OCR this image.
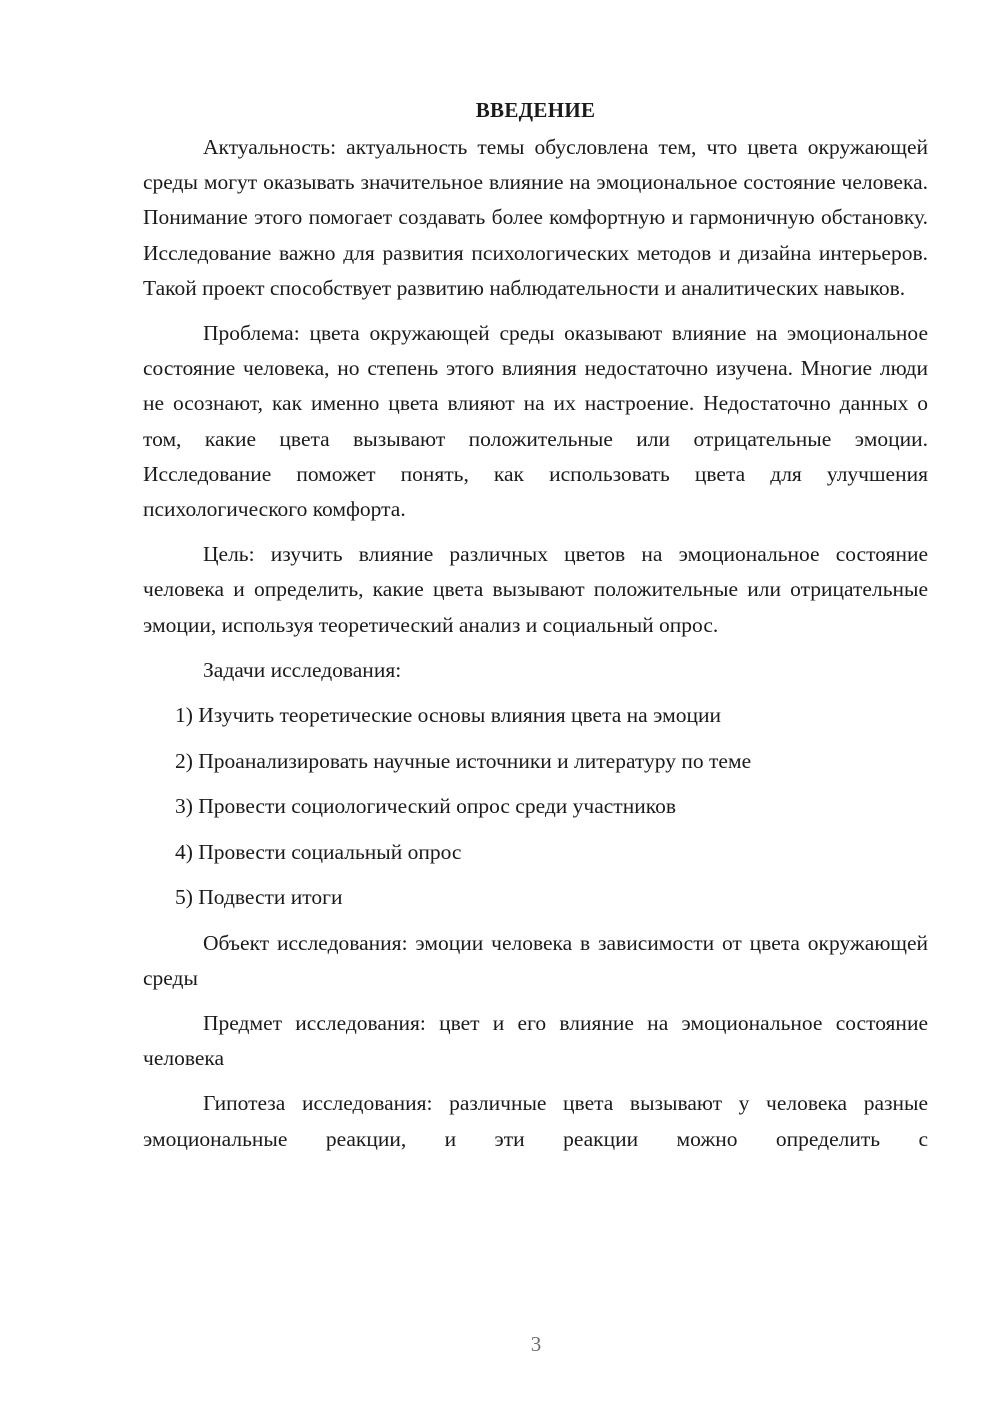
ВВЕДЕНИЕ

Актуальность: актуальность темы обусловлена тем, что цвета окружающей среды могут оказывать значительное влияние на эмоциональное состояние человека. Понимание этого помогает создавать более комфортную и гармоничную обстановку. Исследование важно для развития психологических методов и дизайна интерьеров. Такой проект способствует развитию наблюдательности и аналитических навыков.

Проблема: цвета окружающей среды оказывают влияние на эмоциональное состояние человека, но степень этого влияния недостаточно изучена. Многие люди не осознают, как именно цвета влияют на их настроение. Недостаточно данных о том, какие цвета вызывают положительные или отрицательные эмоции. Исследование поможет понять, как использовать цвета для улучшения психологического комфорта.

Цель: изучить влияние различных цветов на эмоциональное состояние человека и определить, какие цвета вызывают положительные или отрицательные эмоции, используя теоретический анализ и социальный опрос.

Задачи исследования:
1) Изучить теоретические основы влияния цвета на эмоции
2) Проанализировать научные источники и литературу по теме
3) Провести социологический опрос среди участников
4) Провести социальный опрос
5) Подвести итоги

Объект исследования: эмоции человека в зависимости от цвета окружающей среды

Предмет исследования: цвет и его влияние на эмоциональное состояние человека

Гипотеза исследования: различные цвета вызывают у человека разные эмоциональные реакции, и эти реакции можно определить с

3
